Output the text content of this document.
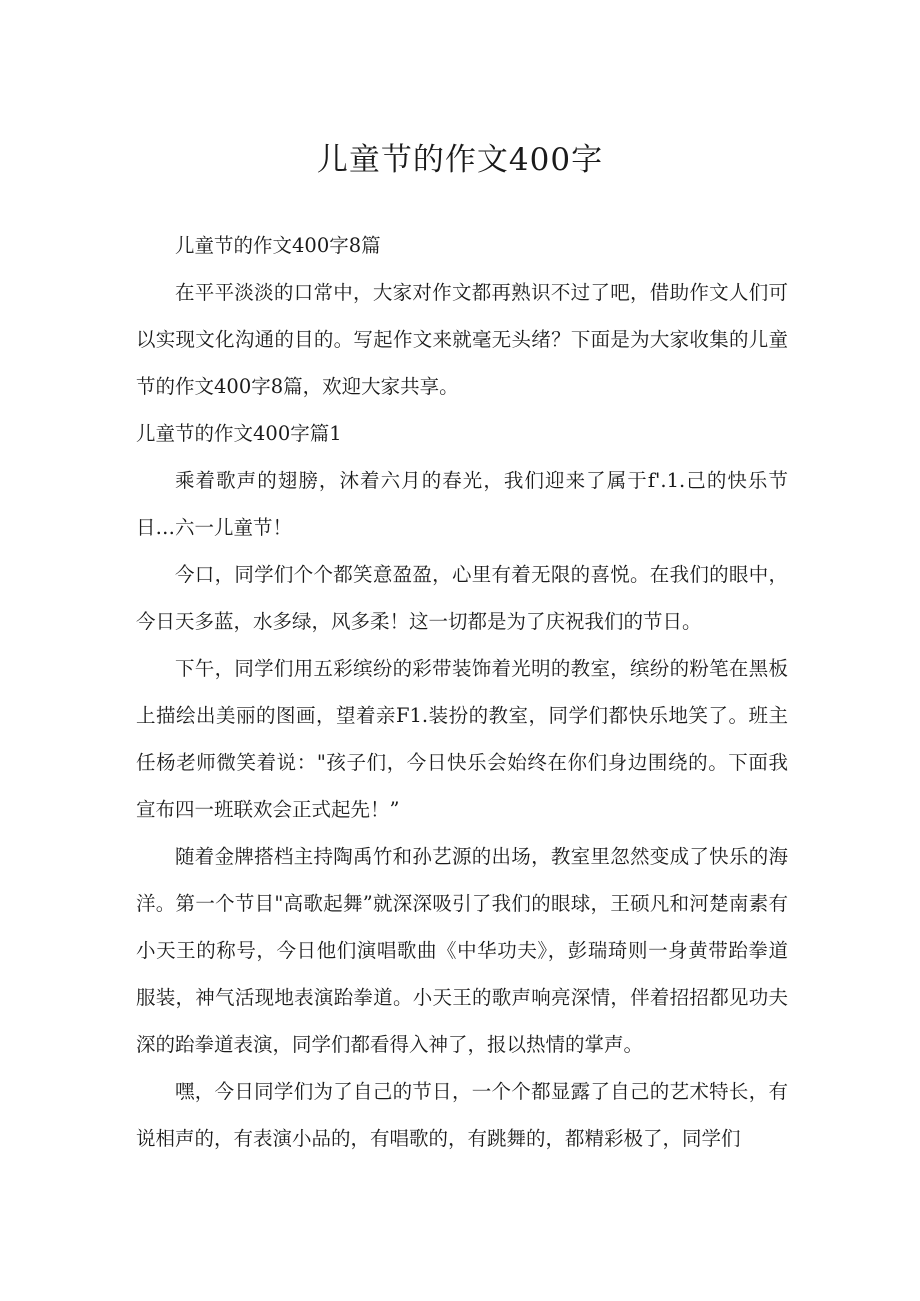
儿童节的作文400字

儿童节的作文400字8篇

在平平淡淡的口常中，大家对作文都再熟识不过了吧，借助作文人们可以实现文化沟通的目的。写起作文来就毫无头绪？下面是为大家收集的儿童节的作文400字8篇，欢迎大家共享。

儿童节的作文400字篇1

乘着歌声的翅膀，沐着六月的春光，我们迎来了属于f'.1.己的快乐节日…六一儿童节！

今口，同学们个个都笑意盈盈，心里有着无限的喜悦。在我们的眼中，今日天多蓝，水多绿，风多柔！这一切都是为了庆祝我们的节日。

下午，同学们用五彩缤纷的彩带装饰着光明的教室，缤纷的粉笔在黑板上描绘出美丽的图画，望着亲F1.装扮的教室，同学们都快乐地笑了。班主任杨老师微笑着说："孩子们，今日快乐会始终在你们身边围绕的。下面我宣布四一班联欢会正式起先！”

随着金牌搭档主持陶禹竹和孙艺源的出场，教室里忽然变成了快乐的海洋。第一个节目"高歌起舞”就深深吸引了我们的眼球，王硕凡和河楚南素有小天王的称号，今日他们演唱歌曲《中华功夫》，彭瑞琦则一身黄带跆拳道服装，神气活现地表演跆拳道。小天王的歌声响亮深情，伴着招招都见功夫深的跆拳道表演，同学们都看得入神了，报以热情的掌声。

嘿，今日同学们为了自己的节日，一个个都显露了自己的艺术特长，有说相声的，有表演小品的，有唱歌的，有跳舞的，都精彩极了，同学们
